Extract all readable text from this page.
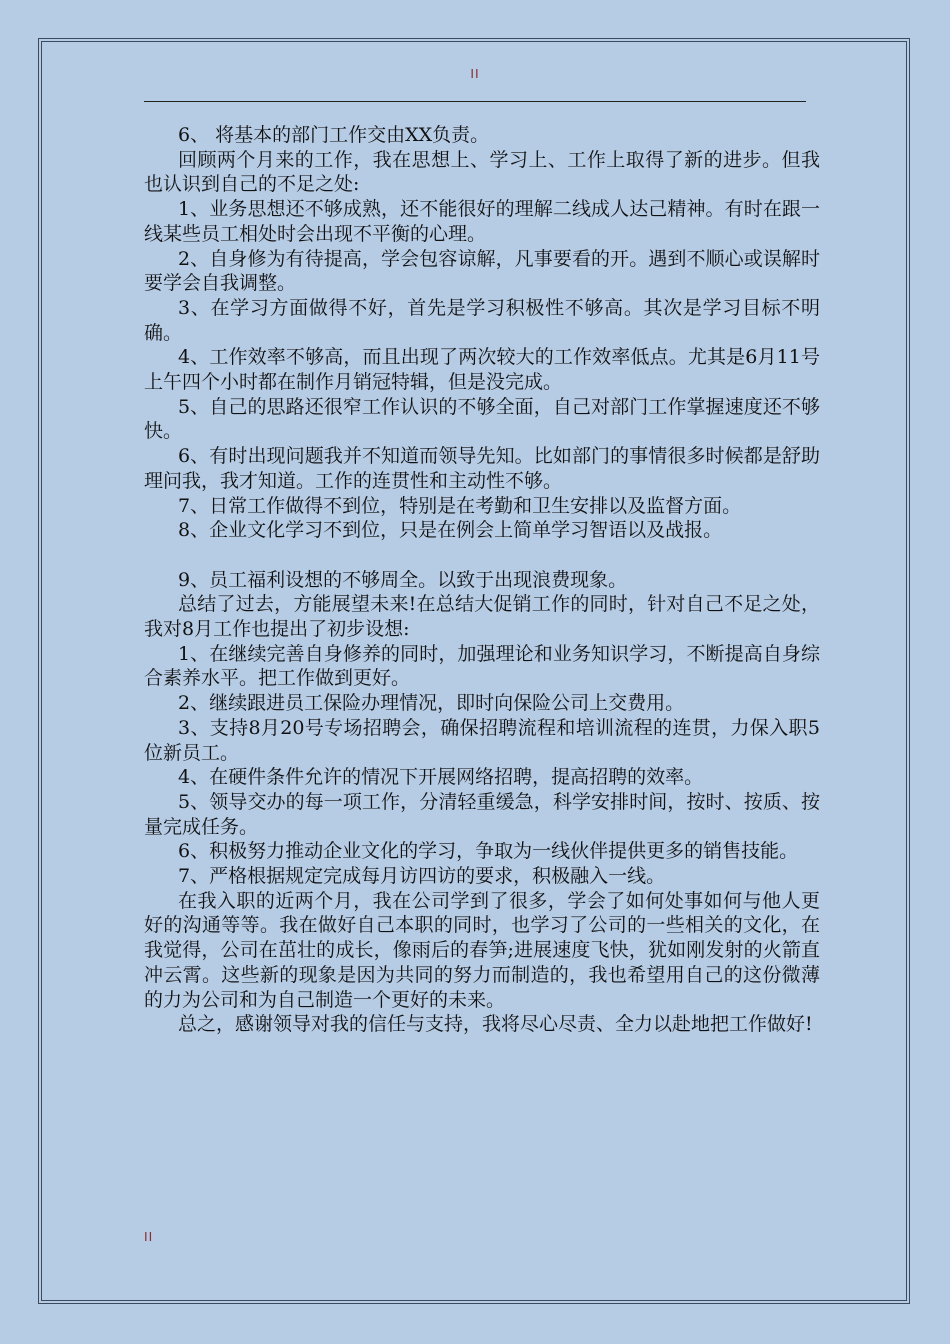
II

6、 将基本的部门工作交由XX负责。

回顾两个月来的工作，我在思想上、学习上、工作上取得了新的进步。但我也认识到自己的不足之处:

1、业务思想还不够成熟，还不能很好的理解二线成人达己精神。有时在跟一线某些员工相处时会出现不平衡的心理。

2、自身修为有待提高，学会包容谅解，凡事要看的开。遇到不顺心或误解时要学会自我调整。

3、在学习方面做得不好，首先是学习积极性不够高。其次是学习目标不明确。

4、工作效率不够高，而且出现了两次较大的工作效率低点。尤其是6月11号上午四个小时都在制作月销冠特辑，但是没完成。

5、自己的思路还很窄工作认识的不够全面，自己对部门工作掌握速度还不够快。

6、有时出现问题我并不知道而领导先知。比如部门的事情很多时候都是舒助理问我，我才知道。工作的连贯性和主动性不够。

7、日常工作做得不到位，特别是在考勤和卫生安排以及监督方面。

8、企业文化学习不到位，只是在例会上简单学习智语以及战报。

9、员工福利设想的不够周全。以致于出现浪费现象。

总结了过去，方能展望未来!在总结大促销工作的同时，针对自己不足之处，我对8月工作也提出了初步设想:

1、在继续完善自身修养的同时，加强理论和业务知识学习，不断提高自身综合素养水平。把工作做到更好。

2、继续跟进员工保险办理情况，即时向保险公司上交费用。

3、支持8月20号专场招聘会，确保招聘流程和培训流程的连贯，力保入职5位新员工。

4、在硬件条件允许的情况下开展网络招聘，提高招聘的效率。

5、领导交办的每一项工作，分清轻重缓急，科学安排时间，按时、按质、按量完成任务。

6、积极努力推动企业文化的学习，争取为一线伙伴提供更多的销售技能。

7、严格根据规定完成每月访四访的要求，积极融入一线。

在我入职的近两个月，我在公司学到了很多，学会了如何处事如何与他人更好的沟通等等。我在做好自己本职的同时，也学习了公司的一些相关的文化，在我觉得，公司在茁壮的成长，像雨后的春笋;进展速度飞快，犹如刚发射的火箭直冲云霄。这些新的现象是因为共同的努力而制造的，我也希望用自己的这份微薄的力为公司和为自己制造一个更好的未来。

总之，感谢领导对我的信任与支持，我将尽心尽责、全力以赴地把工作做好!

II
